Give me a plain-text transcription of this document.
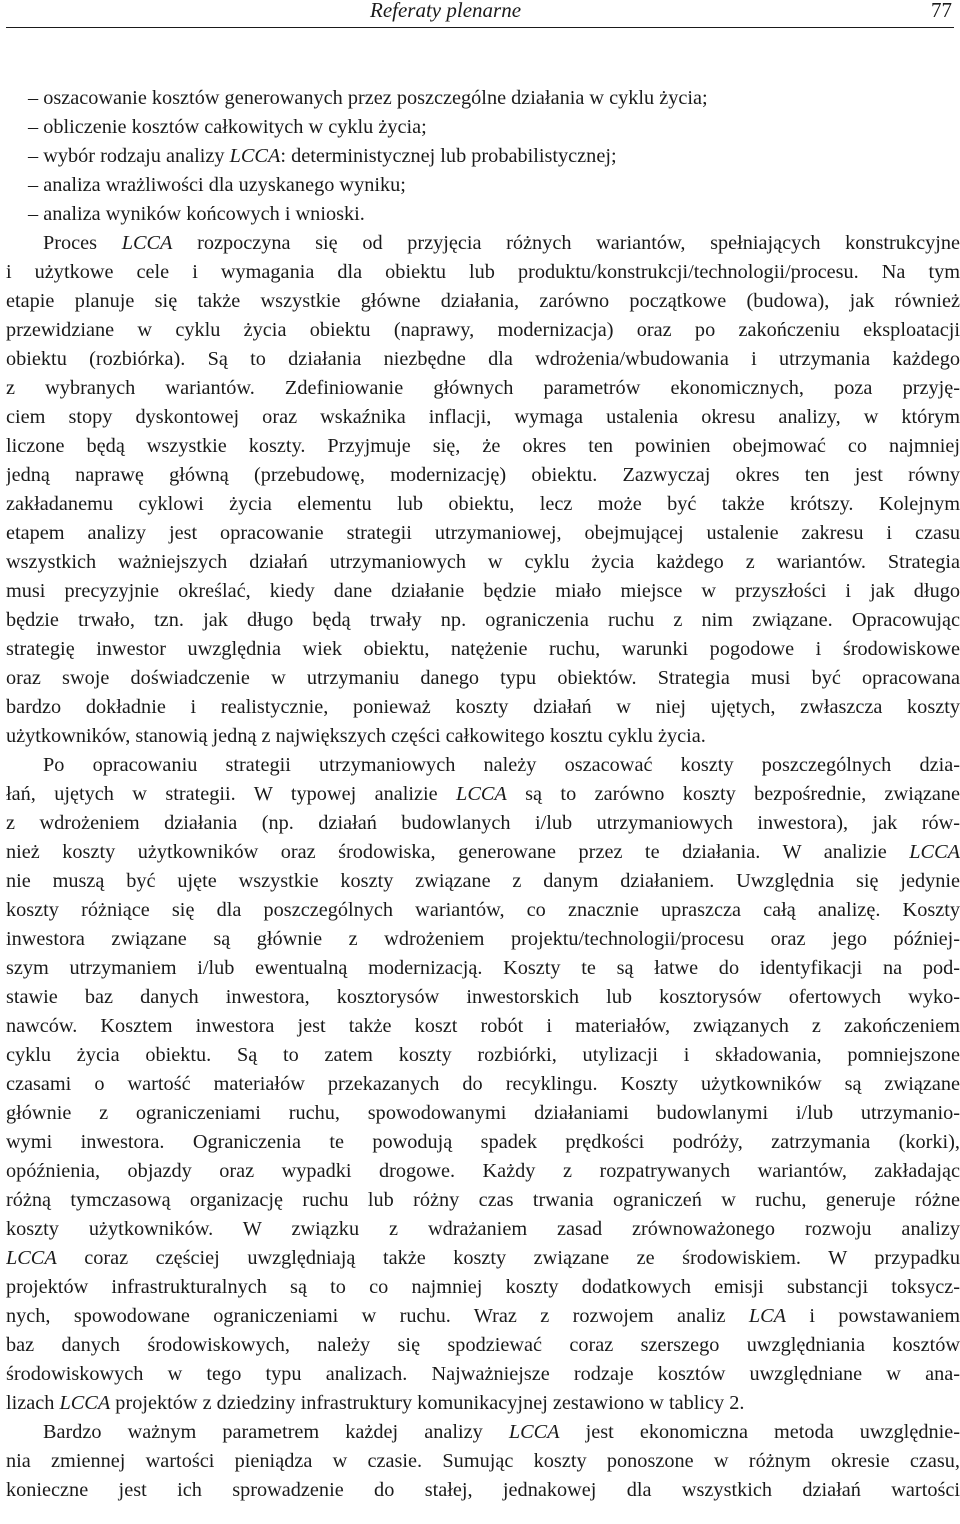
Referaty plenarne	77
– oszacowanie kosztów generowanych przez poszczególne działania w cyklu życia;
– obliczenie kosztów całkowitych w cyklu życia;
– wybór rodzaju analizy LCCA: deterministycznej lub probabilistycznej;
– analiza wrażliwości dla uzyskanego wyniku;
– analiza wyników końcowych i wnioski.
Proces LCCA rozpoczyna się od przyjęcia różnych wariantów, spełniających konstrukcyjne
i użytkowe cele i wymagania dla obiektu lub produktu/konstrukcji/technologii/procesu. Na tym
etapie planuje się także wszystkie główne działania, zarówno początkowe (budowa), jak również
przewidziane w cyklu życia obiektu (naprawy, modernizacja) oraz po zakończeniu eksploatacji
obiektu (rozbiórka). Są to działania niezbędne dla wdrożenia/wbudowania i utrzymania każdego
z wybranych wariantów. Zdefiniowanie głównych parametrów ekonomicznych, poza przyję-
ciem stopy dyskontowej oraz wskaźnika inflacji, wymaga ustalenia okresu analizy, w którym
liczone będą wszystkie koszty. Przyjmuje się, że okres ten powinien obejmować co najmniej
jedną naprawę główną (przebudowę, modernizację) obiektu. Zazwyczaj okres ten jest równy
zakładanemu cyklowi życia elementu lub obiektu, lecz może być także krótszy. Kolejnym
etapem analizy jest opracowanie strategii utrzymaniowej, obejmującej ustalenie zakresu i czasu
wszystkich ważniejszych działań utrzymaniowych w cyklu życia każdego z wariantów. Strategia
musi precyzyjnie określać, kiedy dane działanie będzie miało miejsce w przyszłości i jak długo
będzie trwało, tzn. jak długo będą trwały np. ograniczenia ruchu z nim związane. Opracowując
strategię inwestor uwzględnia wiek obiektu, natężenie ruchu, warunki pogodowe i środowiskowe
oraz swoje doświadczenie w utrzymaniu danego typu obiektów. Strategia musi być opracowana
bardzo dokładnie i realistycznie, ponieważ koszty działań w niej ujętych, zwłaszcza koszty
użytkowników, stanowią jedną z największych części całkowitego kosztu cyklu życia.
Po opracowaniu strategii utrzymaniowych należy oszacować koszty poszczególnych dzia-
łań, ujętych w strategii. W typowej analizie LCCA są to zarówno koszty bezpośrednie, związane
z wdrożeniem działania (np. działań budowlanych i/lub utrzymaniowych inwestora), jak rów-
nież koszty użytkowników oraz środowiska, generowane przez te działania. W analizie LCCA
nie muszą być ujęte wszystkie koszty związane z danym działaniem. Uwzględnia się jedynie
koszty różniące się dla poszczególnych wariantów, co znacznie upraszcza całą analizę. Koszty
inwestora związane są głównie z wdrożeniem projektu/technologii/procesu oraz jego później-
szym utrzymaniem i/lub ewentualną modernizacją. Koszty te są łatwe do identyfikacji na pod-
stawie baz danych inwestora, kosztorysów inwestorskich lub kosztorysów ofertowych wyko-
nawców. Kosztem inwestora jest także koszt robót i materiałów, związanych z zakończeniem
cyklu życia obiektu. Są to zatem koszty rozbiórki, utylizacji i składowania, pomniejszone
czasami o wartość materiałów przekazanych do recyklingu. Koszty użytkowników są związane
głównie z ograniczeniami ruchu, spowodowanymi działaniami budowlanymi i/lub utrzymanio-
wymi inwestora. Ograniczenia te powodują spadek prędkości podróży, zatrzymania (korki),
opóźnienia, objazdy oraz wypadki drogowe. Każdy z rozpatrywanych wariantów, zakładając
różną tymczasową organizację ruchu lub różny czas trwania ograniczeń w ruchu, generuje różne
koszty użytkowników. W związku z wdrażaniem zasad zrównoważonego rozwoju analizy
LCCA coraz częściej uwzględniają także koszty związane ze środowiskiem. W przypadku
projektów infrastrukturalnych są to co najmniej koszty dodatkowych emisji substancji toksycz-
nych, spowodowane ograniczeniami w ruchu. Wraz z rozwojem analiz LCA i powstawaniem
baz danych środowiskowych, należy się spodziewać coraz szerszego uwzględniania kosztów
środowiskowych w tego typu analizach. Najważniejsze rodzaje kosztów uwzględniane w ana-
lizach LCCA projektów z dziedziny infrastruktury komunikacyjnej zestawiono w tablicy 2.
Bardzo ważnym parametrem każdej analizy LCCA jest ekonomiczna metoda uwzględnie-
nia zmiennej wartości pieniądza w czasie. Sumując koszty ponoszone w różnym okresie czasu,
konieczne jest ich sprowadzenie do stałej, jednakowej dla wszystkich działań wartości
